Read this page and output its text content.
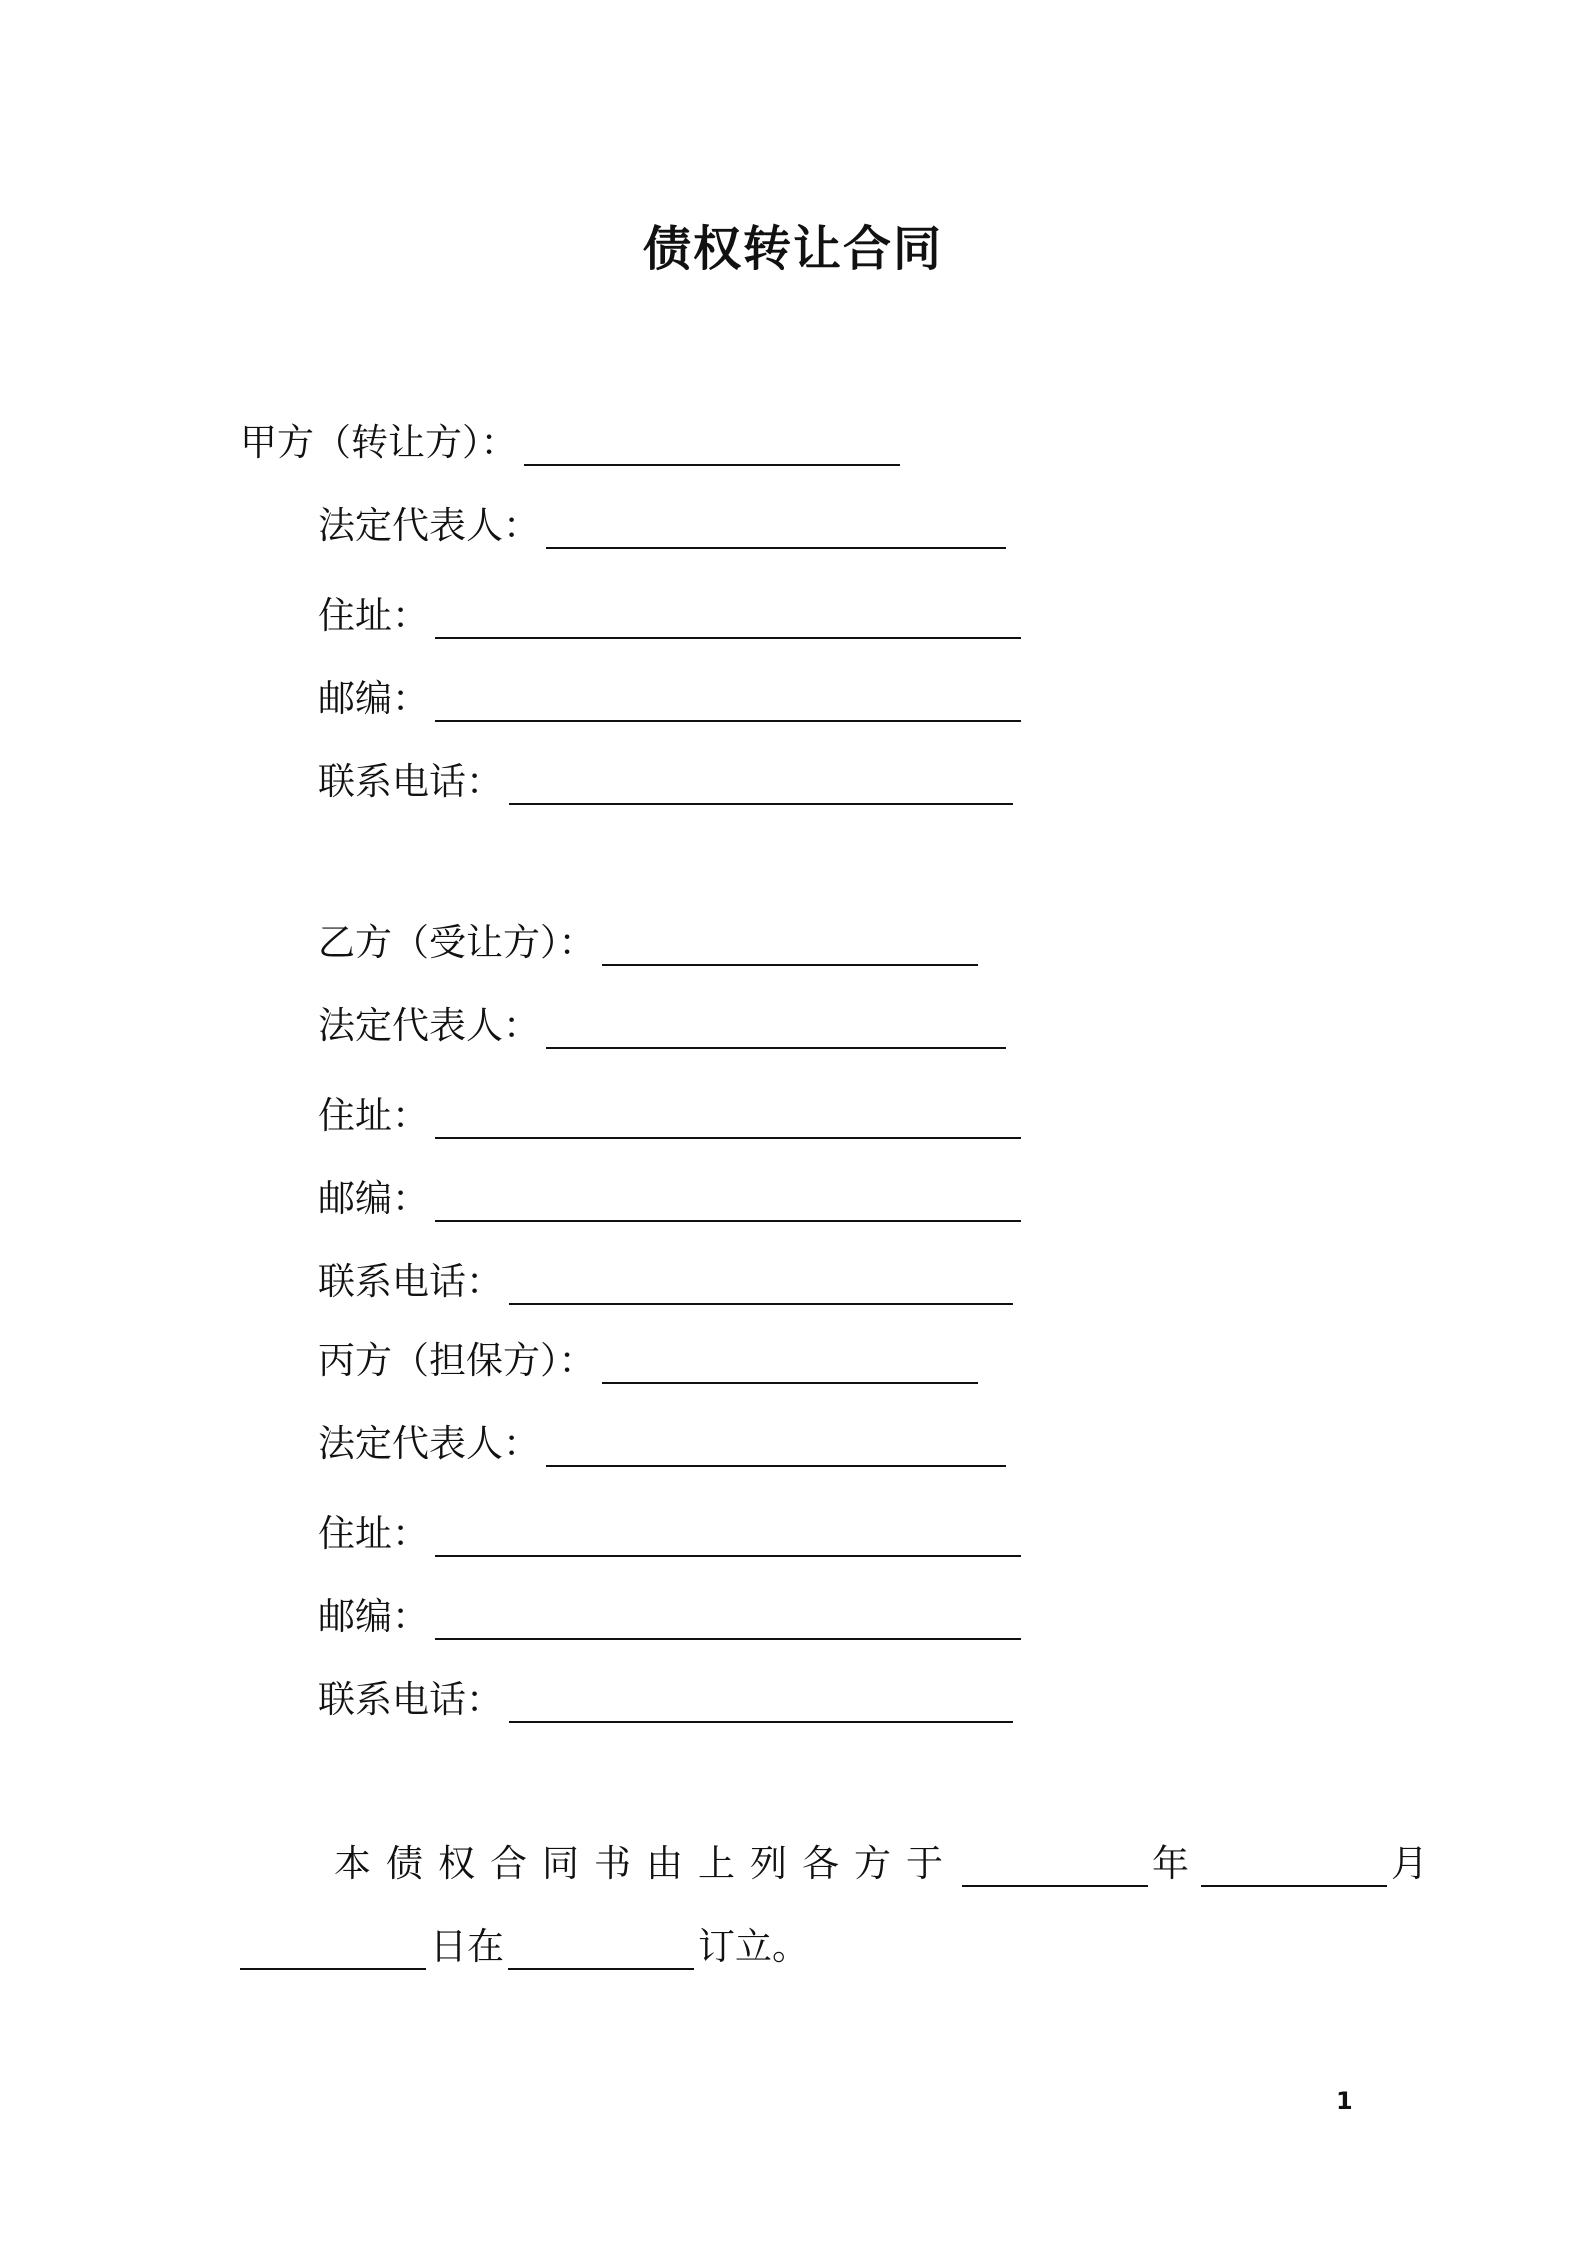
债权转让合同
甲方（转让方）：
法定代表人：
住址：
邮编：
联系电话：
乙方（受让方）：
法定代表人：
住址：
邮编：
联系电话：
丙方（担保方）：
法定代表人：
住址：
邮编：
联系电话：
本债权合同书由上列各方于	年	月
日在	订立。
1
